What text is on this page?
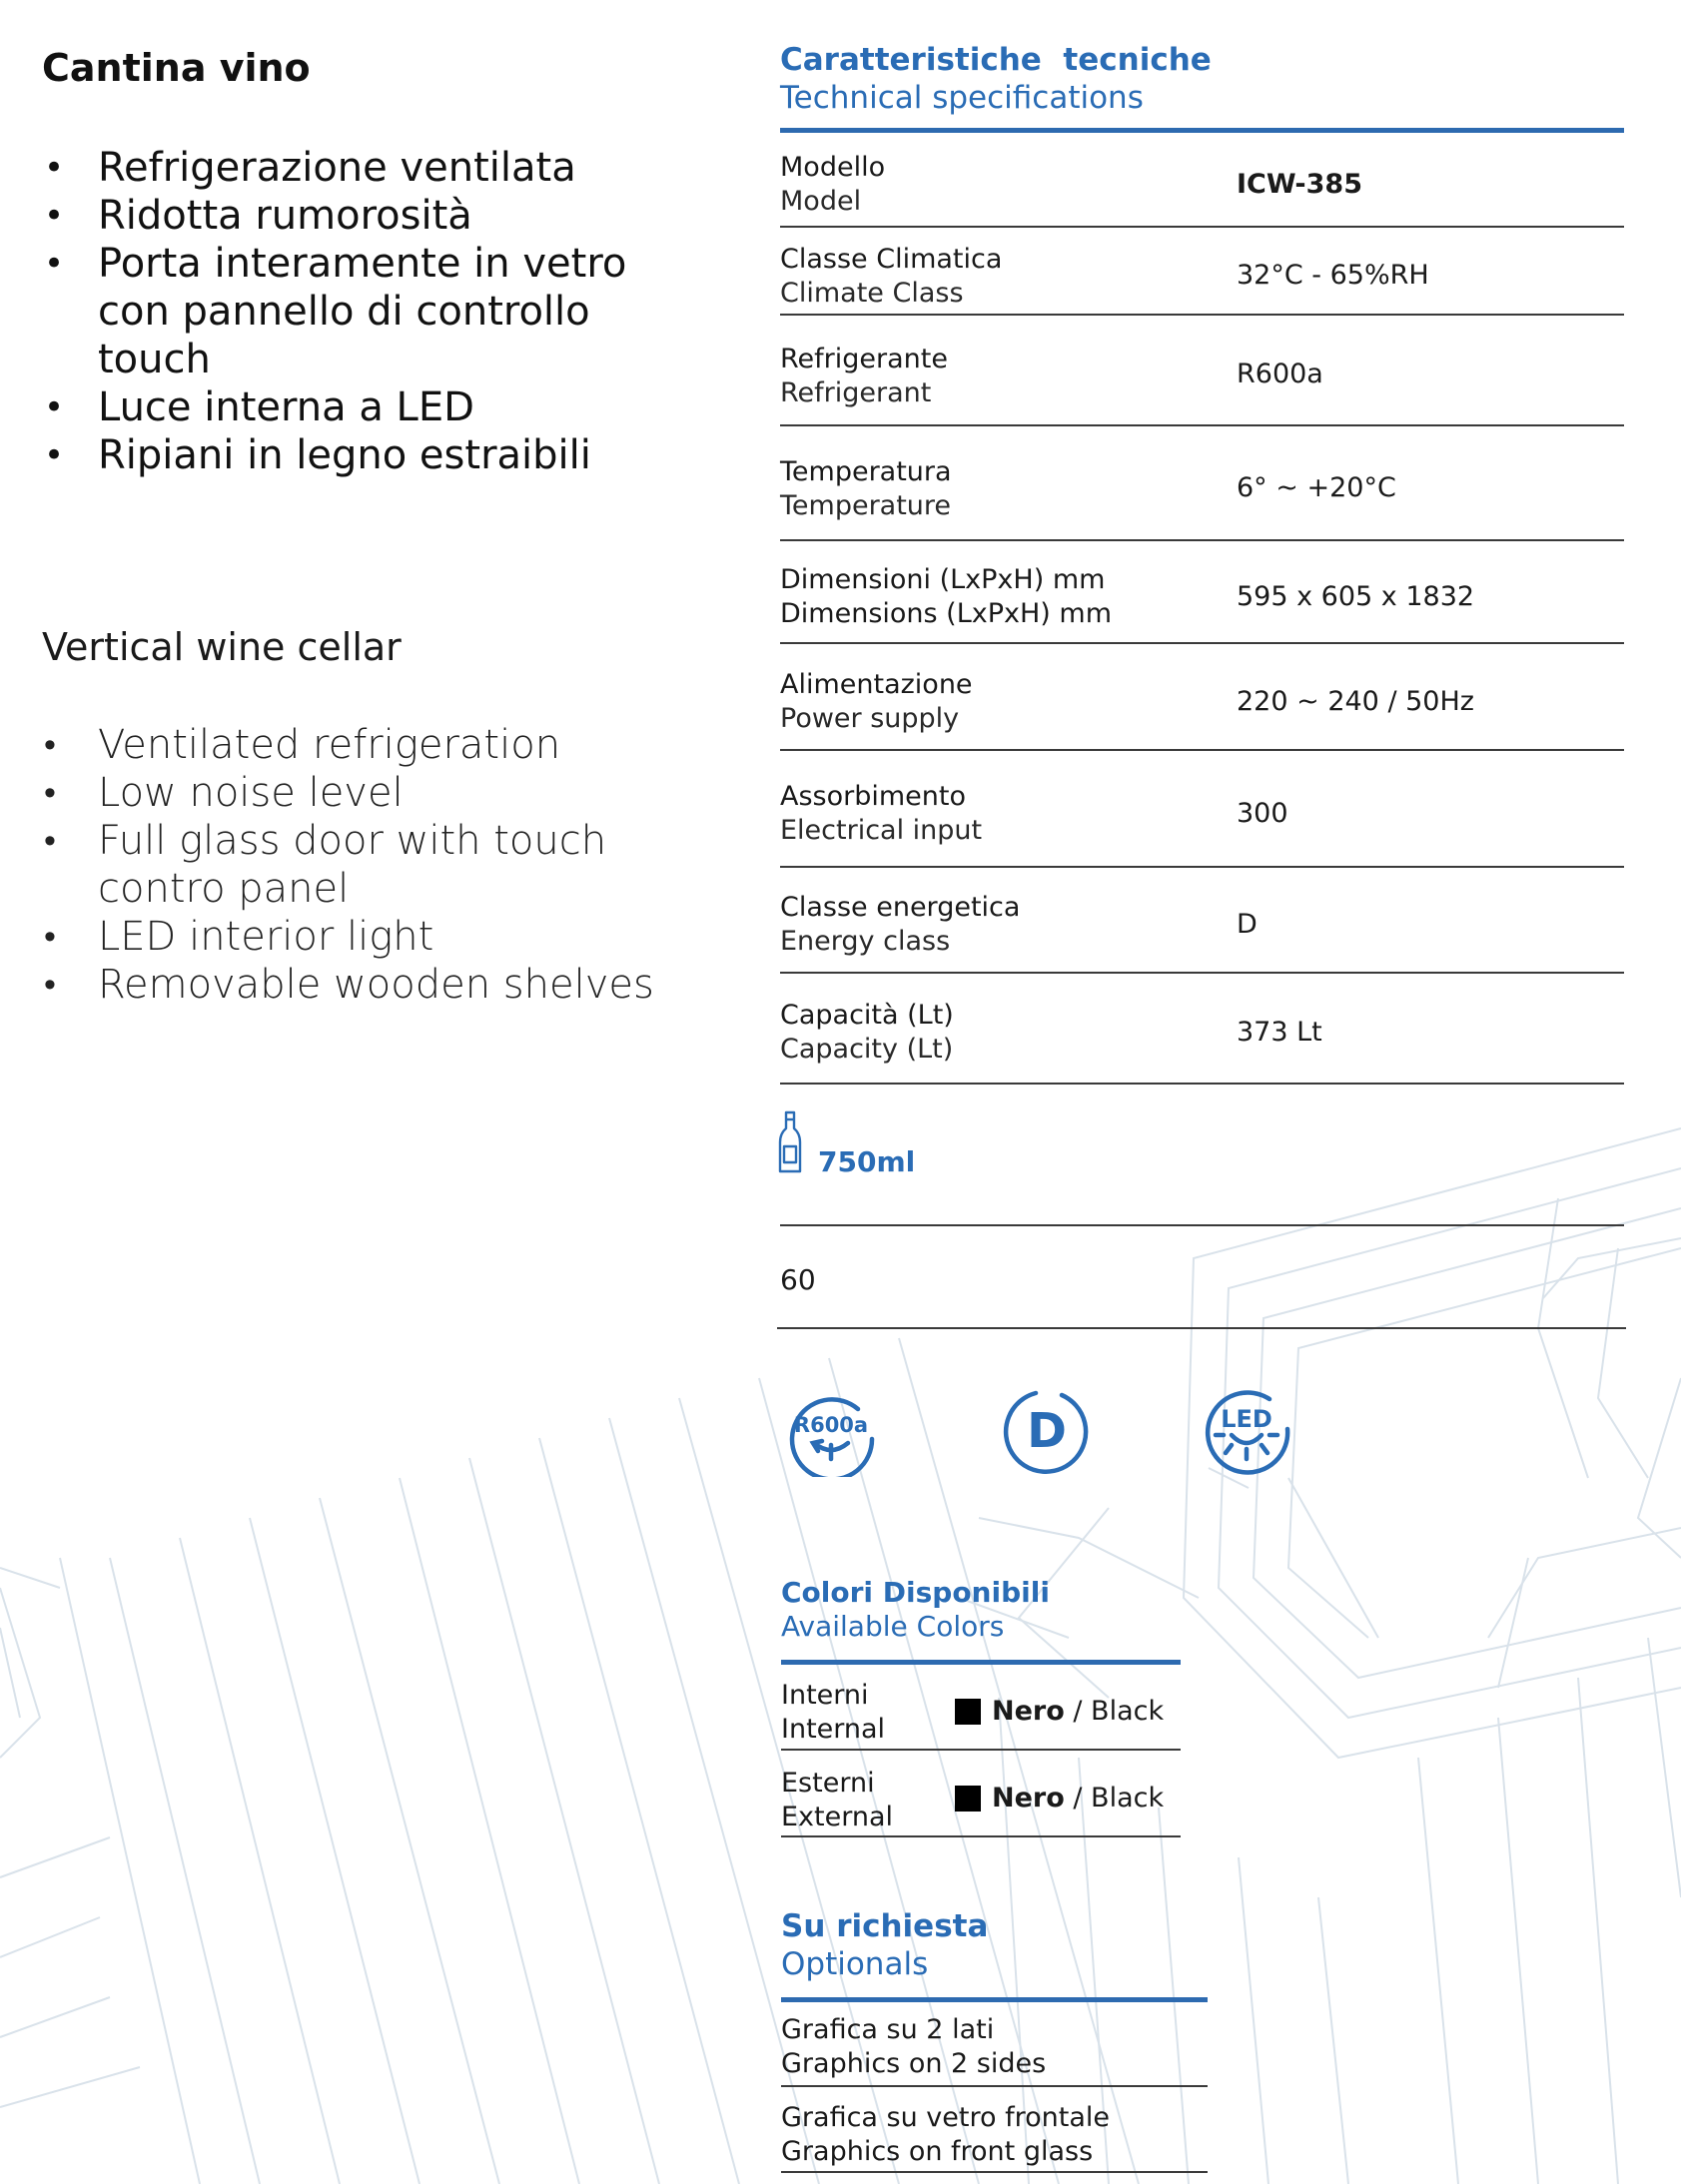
Cantina vino
• Refrigerazione ventilata
• Ridotta rumorosità
• Porta interamente in vetro con pannello di controllo touch
• Luce interna a LED
• Ripiani in legno estraibili
Vertical wine cellar
• Ventilated refrigeration
• Low noise level
• Full glass door with touch contro panel
• LED interior light
• Removable wooden shelves
Caratteristiche  tecniche
Technical specifications
Modello
Model
ICW-385
Classe Climatica
Climate Class
32°C - 65%RH
Refrigerante
Refrigerant
R600a
Temperatura
Temperature
6° ~ +20°C
Dimensioni (LxPxH) mm
Dimensions (LxPxH) mm
595 x 605 x 1832
Alimentazione
Power supply
220 ~ 240 / 50Hz
Assorbimento
Electrical input
300
Classe energetica
Energy class
D
Capacità (Lt)
Capacity (Lt)
373 Lt
750ml
60
R600a	D	LED
Colori Disponibili
Available Colors
Interni
Internal
Nero / Black
Esterni
External
Nero / Black
Su richiesta
Optionals
Grafica su 2 lati
Graphics on 2 sides
Grafica su vetro frontale
Graphics on front glass
